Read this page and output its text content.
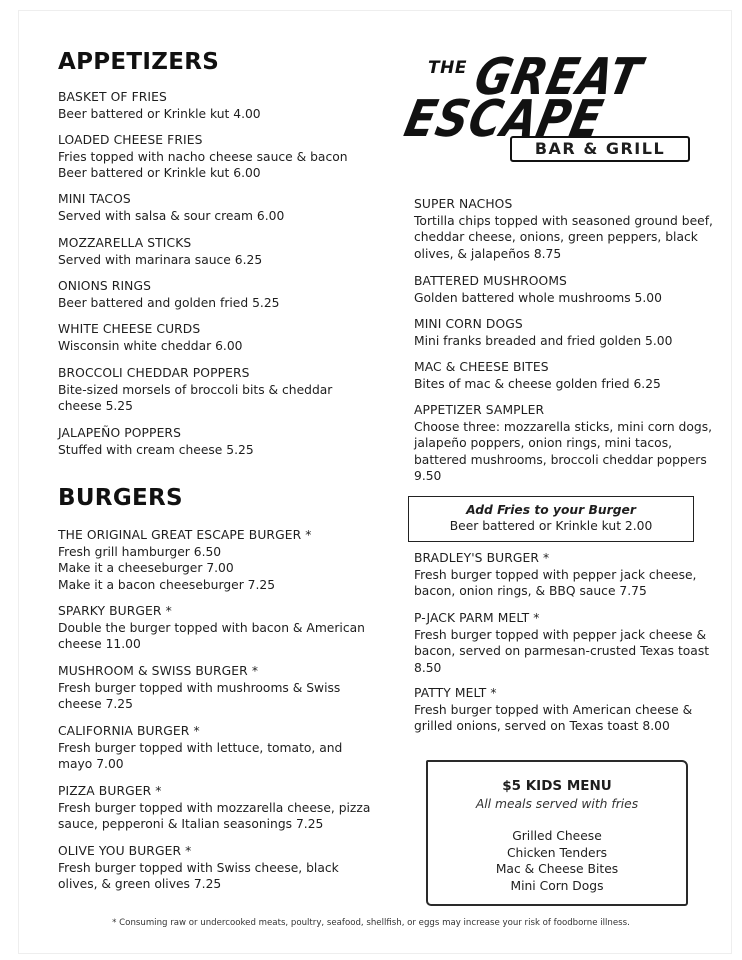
THE GREAT
ESCAPE
BAR & GRILL
APPETIZERS
BASKET OF FRIES
Beer battered or Krinkle kut 4.00
LOADED CHEESE FRIES
Fries topped with nacho cheese sauce & bacon
Beer battered or Krinkle kut 6.00
MINI TACOS
Served with salsa & sour cream 6.00
MOZZARELLA STICKS
Served with marinara sauce 6.25
ONIONS RINGS
Beer battered and golden fried 5.25
WHITE CHEESE CURDS
Wisconsin white cheddar 6.00
BROCCOLI CHEDDAR POPPERS
Bite-sized morsels of broccoli bits & cheddar
cheese 5.25
JALAPEÑO POPPERS
Stuffed with cream cheese 5.25
SUPER NACHOS
Tortilla chips topped with seasoned ground beef,
cheddar cheese, onions, green peppers, black
olives, & jalapeños 8.75
BATTERED MUSHROOMS
Golden battered whole mushrooms 5.00
MINI CORN DOGS
Mini franks breaded and fried golden 5.00
MAC & CHEESE BITES
Bites of mac & cheese golden fried 6.25
APPETIZER SAMPLER
Choose three: mozzarella sticks, mini corn dogs,
jalapeño poppers, onion rings, mini tacos,
battered mushrooms, broccoli cheddar poppers
9.50
Add Fries to your Burger
Beer battered or Krinkle kut 2.00
BURGERS
THE ORIGINAL GREAT ESCAPE BURGER *
Fresh grill hamburger 6.50
Make it a cheeseburger 7.00
Make it a bacon cheeseburger 7.25
SPARKY BURGER *
Double the burger topped with bacon & American
cheese 11.00
MUSHROOM & SWISS BURGER *
Fresh burger topped with mushrooms & Swiss
cheese 7.25
CALIFORNIA BURGER *
Fresh burger topped with lettuce, tomato, and
mayo 7.00
PIZZA BURGER *
Fresh burger topped with mozzarella cheese, pizza
sauce, pepperoni & Italian seasonings 7.25
OLIVE YOU BURGER *
Fresh burger topped with Swiss cheese, black
olives, & green olives 7.25
BRADLEY'S BURGER *
Fresh burger topped with pepper jack cheese,
bacon, onion rings, & BBQ sauce 7.75
P-JACK PARM MELT *
Fresh burger topped with pepper jack cheese &
bacon, served on parmesan-crusted Texas toast
8.50
PATTY MELT *
Fresh burger topped with American cheese &
grilled onions, served on Texas toast 8.00
$5 KIDS MENU
All meals served with fries
Grilled Cheese
Chicken Tenders
Mac & Cheese Bites
Mini Corn Dogs
* Consuming raw or undercooked meats, poultry, seafood, shellfish, or eggs may increase your risk of foodborne illness.
